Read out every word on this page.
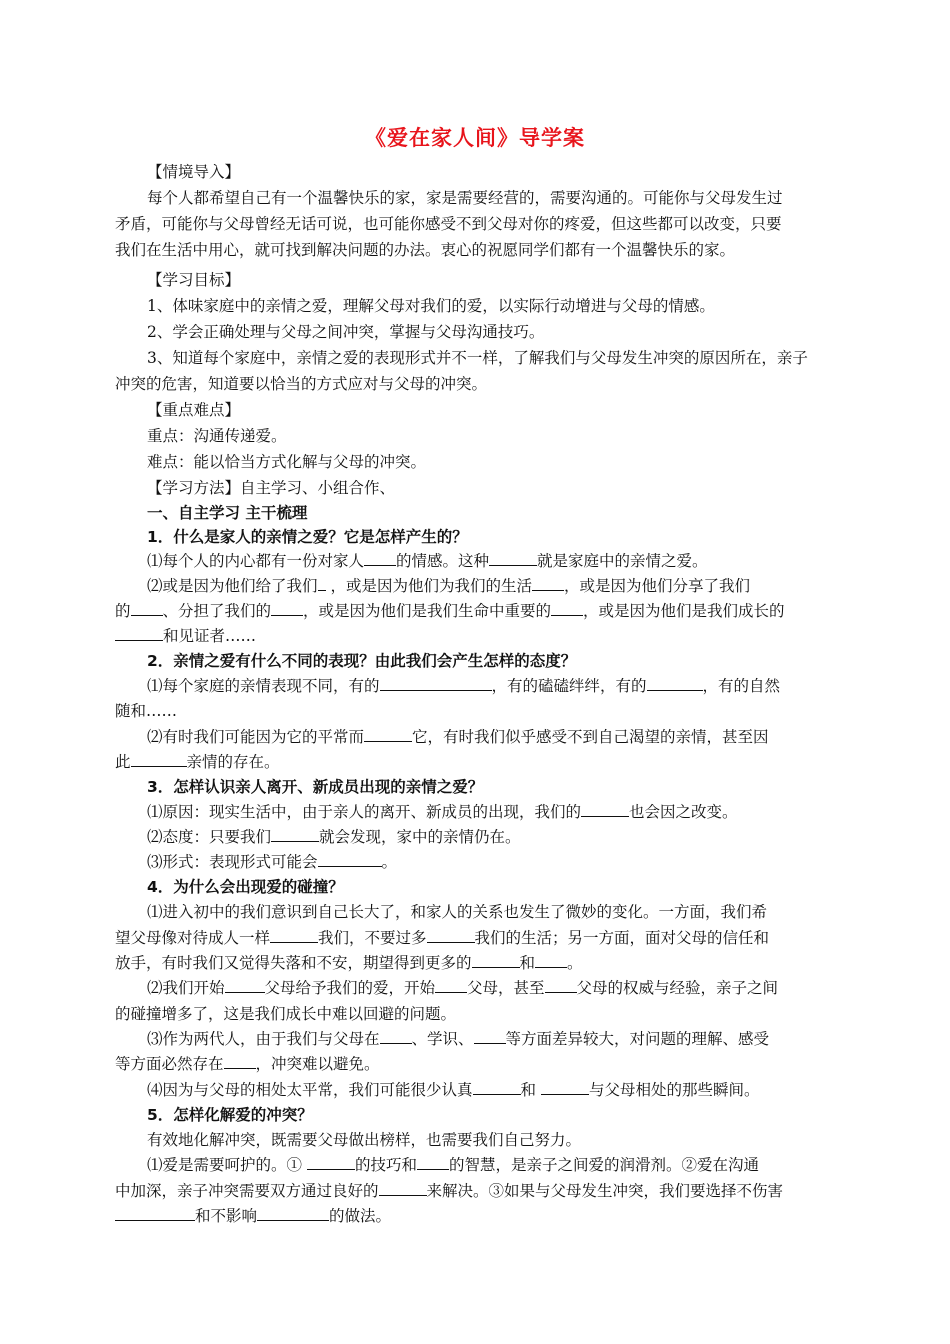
《爱在家人间》导学案
【情境导入】
每个人都希望自己有一个温馨快乐的家，家是需要经营的，需要沟通的。可能你与父母发生过
矛盾，可能你与父母曾经无话可说，也可能你感受不到父母对你的疼爱，但这些都可以改变，只要
我们在生活中用心，就可找到解决问题的办法。衷心的祝愿同学们都有一个温馨快乐的家。
【学习目标】
1、体味家庭中的亲情之爱，理解父母对我们的爱，以实际行动增进与父母的情感。
2、学会正确处理与父母之间冲突，掌握与父母沟通技巧。
3、知道每个家庭中，亲情之爱的表现形式并不一样，了解我们与父母发生冲突的原因所在，亲子
冲突的危害，知道要以恰当的方式应对与父母的冲突。
【重点难点】
重点：沟通传递爱。
难点：能以恰当方式化解与父母的冲突。
【学习方法】自主学习、小组合作、
一、自主学习 主干梳理
1．什么是家人的亲情之爱？它是怎样产生的？
⑴每个人的内心都有一份对家人 的情感。这种	就是家庭中的亲情之爱。
⑵或是因为他们给了我们 ，或是因为他们为我们的生活 ，或是因为他们分享了我们
的 、分担了我们的 ，或是因为他们是我们生命中重要的 ，或是因为他们是我们成长的
和见证者……
2．亲情之爱有什么不同的表现？由此我们会产生怎样的态度？
⑴每个家庭的亲情表现不同，有的	，有的磕磕绊绊，有的	，有的自然
随和……
⑵有时我们可能因为它的平常而	它，有时我们似乎感受不到自己渴望的亲情，甚至因
此	亲情的存在。
3．怎样认识亲人离开、新成员出现的亲情之爱？
⑴原因：现实生活中，由于亲人的离开、新成员的出现，我们的	也会因之改变。
⑵态度：只要我们	就会发现，家中的亲情仍在。
⑶形式：表现形式可能会	。
4．为什么会出现爱的碰撞？
⑴进入初中的我们意识到自己长大了，和家人的关系也发生了微妙的变化。一方面，我们希
望父母像对待成人一样	我们，不要过多	我们的生活；另一方面，面对父母的信任和
放手，有时我们又觉得失落和不安，期望得到更多的	和 。
⑵我们开始	父母给予我们的爱，开始 父母，甚至 父母的权威与经验，亲子之间
的碰撞增多了，这是我们成长中难以回避的问题。
⑶作为两代人，由于我们与父母在 、学识、 等方面差异较大，对问题的理解、感受
等方面必然存在 ，冲突难以避免。
⑷因为与父母的相处太平常，我们可能很少认真	和	与父母相处的那些瞬间。
5．怎样化解爱的冲突？
有效地化解冲突，既需要父母做出榜样，也需要我们自己努力。
⑴爱是需要呵护的。①	的技巧和 的智慧，是亲子之间爱的润滑剂。②爱在沟通
中加深，亲子冲突需要双方通过良好的	来解决。③如果与父母发生冲突，我们要选择不伤害
和不影响	的做法。
